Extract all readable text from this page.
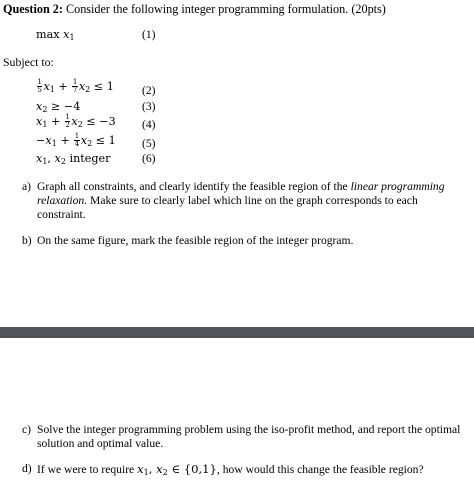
Question 2: Consider the following integer programming formulation. (20pts)
$\max x_1$	(1)
Subject to:
$\frac{1}{5} x_1 + \frac{1}{7} x_2 \le 1$ (2)
$x_2 \ge -4$	(3)
$x_1 + \frac{1}{2} x_2 \le -3$ (4)
$-x_1 + \frac{1}{4} x_2 \le 1$ (5)
$x_1$, $x_2$ integer	(6)
a) Graph all constraints, and clearly identify the feasible region of the linear programming relaxation. Make sure to clearly label which line on the graph corresponds to each constraint.
b) On the same figure, mark the feasible region of the integer program.
c) Solve the integer programming problem using the iso-profit method, and report the optimal solution and optimal value.
d) If we were to require $x_1$, $x_2$ ∈ {0,1}, how would this change the feasible region?
